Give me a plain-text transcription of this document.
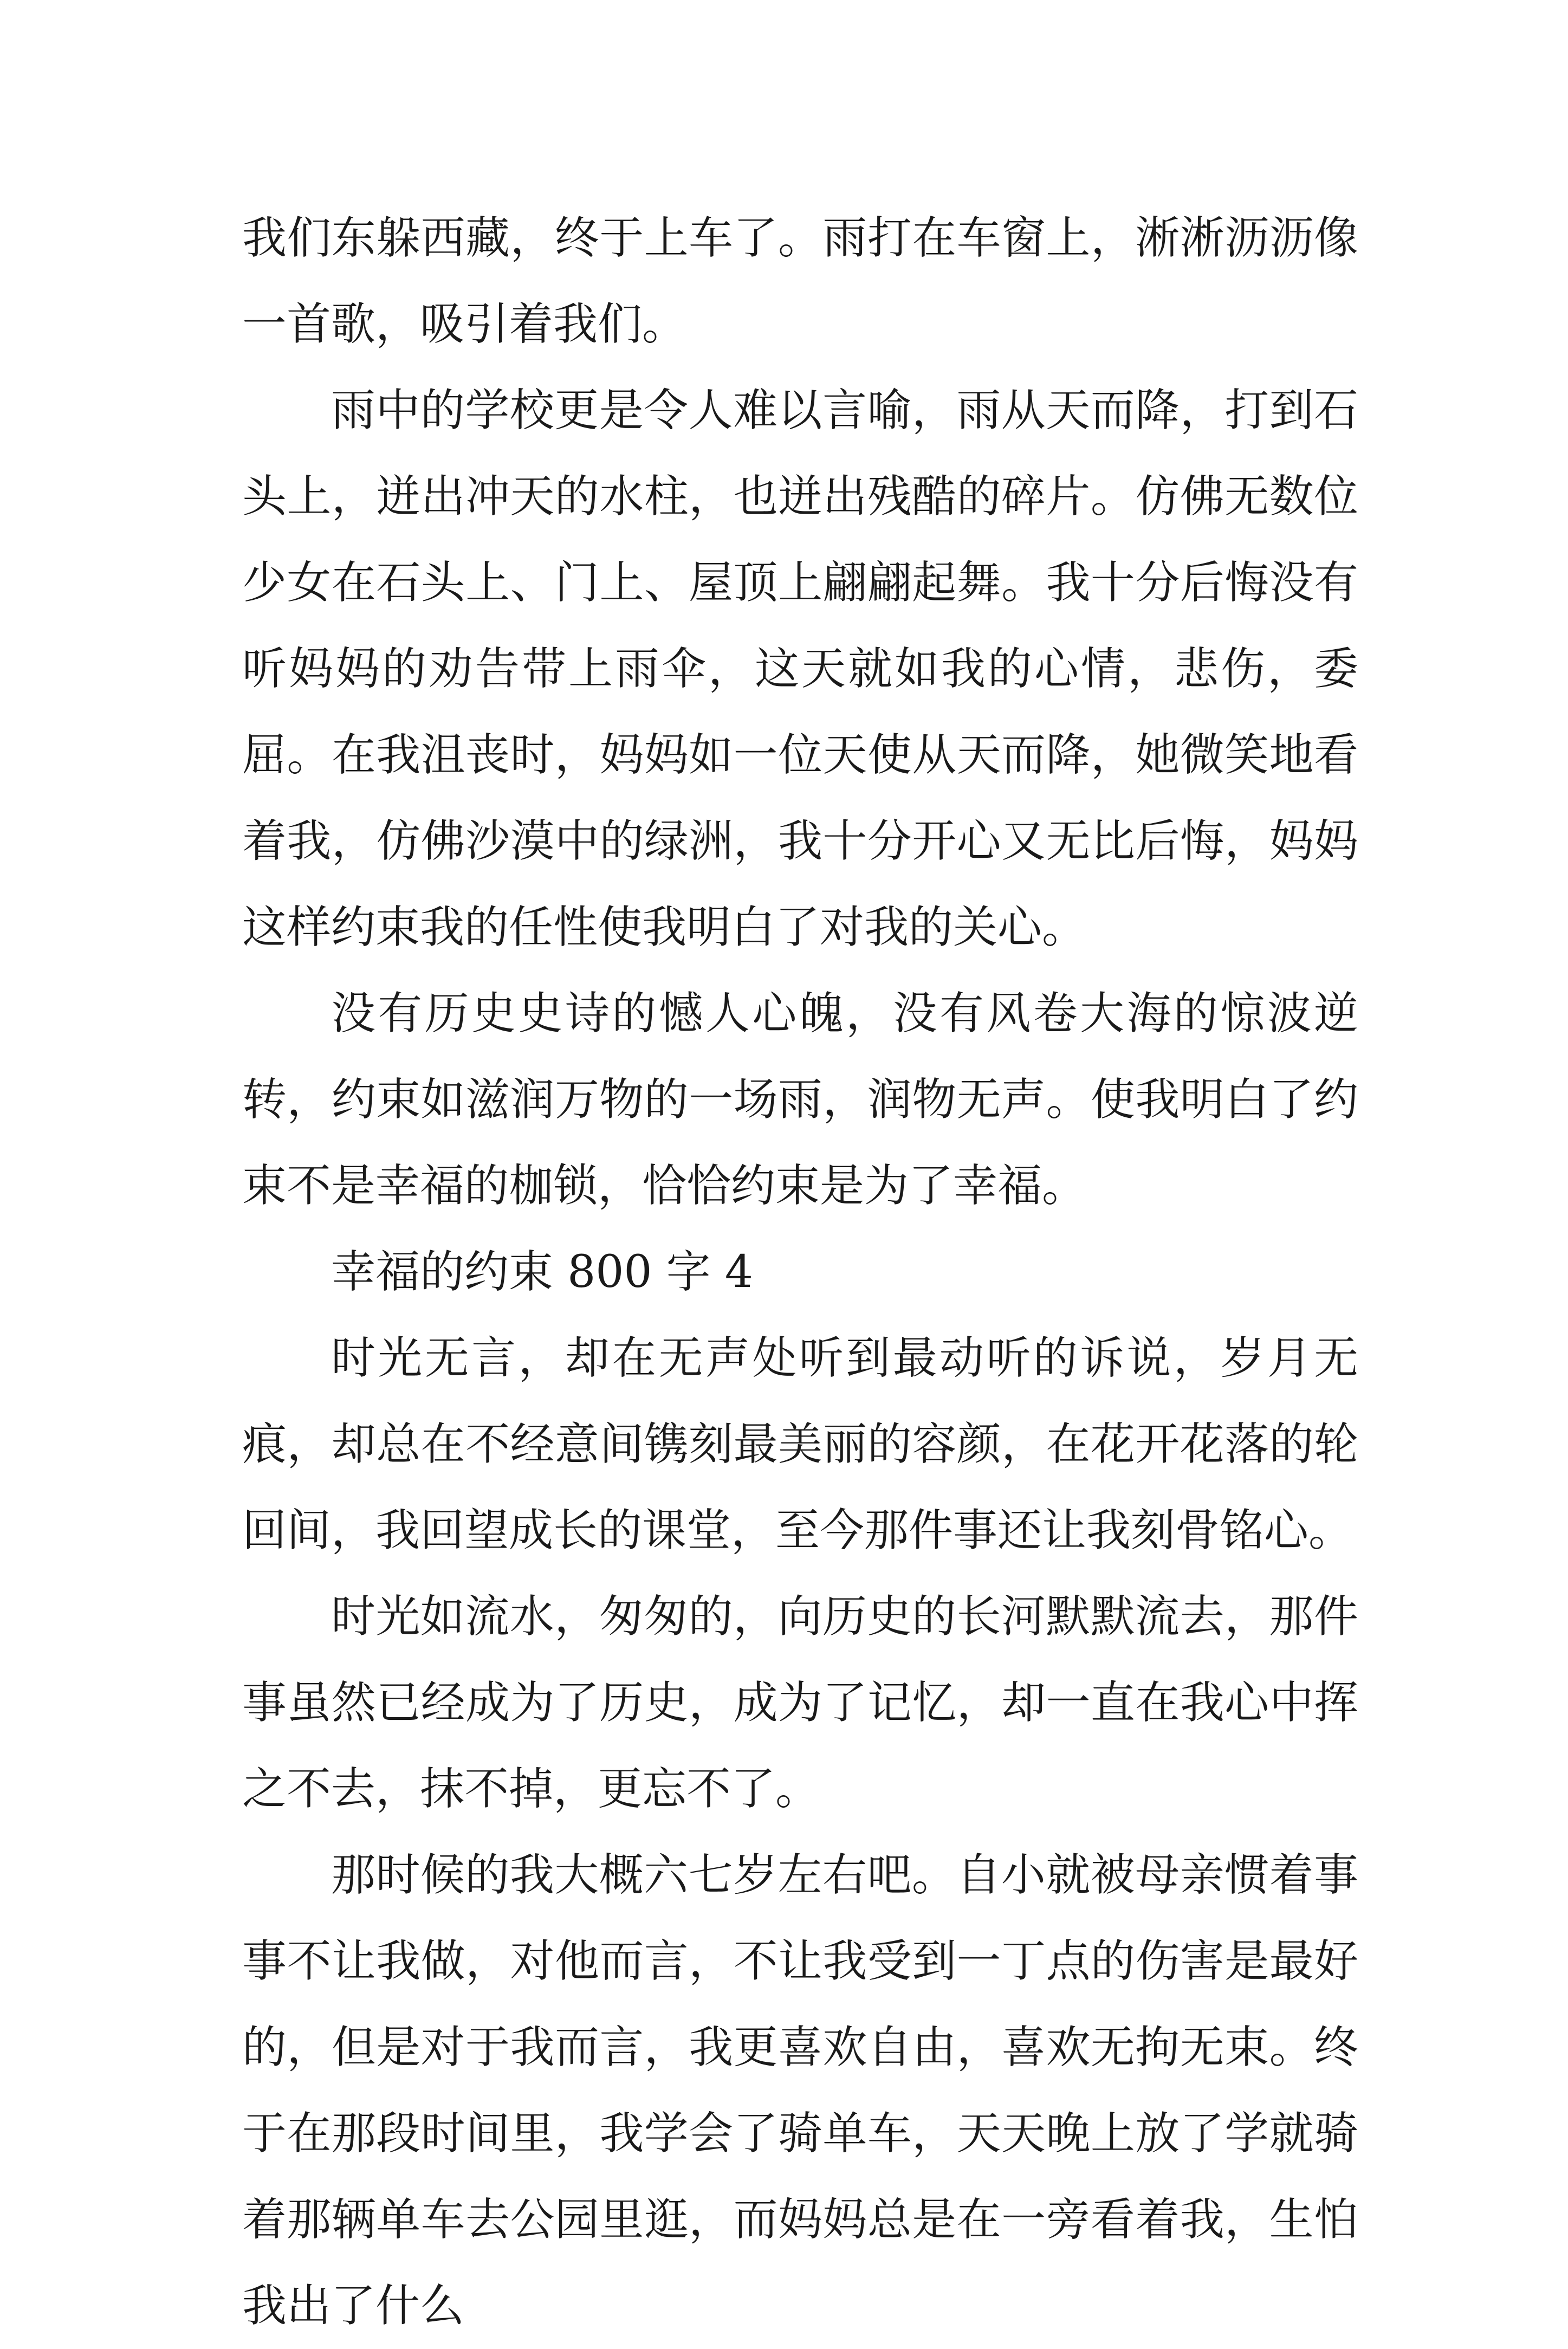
我们东躲西藏，终于上车了。雨打在车窗上，淅淅沥沥像一首歌，吸引着我们。

雨中的学校更是令人难以言喻，雨从天而降，打到石头上，迸出冲天的水柱，也迸出残酷的碎片。仿佛无数位少女在石头上、门上、屋顶上翩翩起舞。我十分后悔没有听妈妈的劝告带上雨伞，这天就如我的心情，悲伤，委屈。在我沮丧时，妈妈如一位天使从天而降，她微笑地看着我，仿佛沙漠中的绿洲，我十分开心又无比后悔，妈妈这样约束我的任性使我明白了对我的关心。

没有历史史诗的憾人心魄，没有风卷大海的惊波逆转，约束如滋润万物的一场雨，润物无声。使我明白了约束不是幸福的枷锁，恰恰约束是为了幸福。

幸福的约束 800 字 4

时光无言，却在无声处听到最动听的诉说，岁月无痕，却总在不经意间镌刻最美丽的容颜，在花开花落的轮回间，我回望成长的课堂，至今那件事还让我刻骨铭心。

时光如流水，匆匆的，向历史的长河默默流去，那件事虽然已经成为了历史，成为了记忆，却一直在我心中挥之不去，抹不掉，更忘不了。

那时候的我大概六七岁左右吧。自小就被母亲惯着事事不让我做，对他而言，不让我受到一丁点的伤害是最好的，但是对于我而言，我更喜欢自由，喜欢无拘无束。终于在那段时间里，我学会了骑单车，天天晚上放了学就骑着那辆单车去公园里逛，而妈妈总是在一旁看着我，生怕我出了什么
